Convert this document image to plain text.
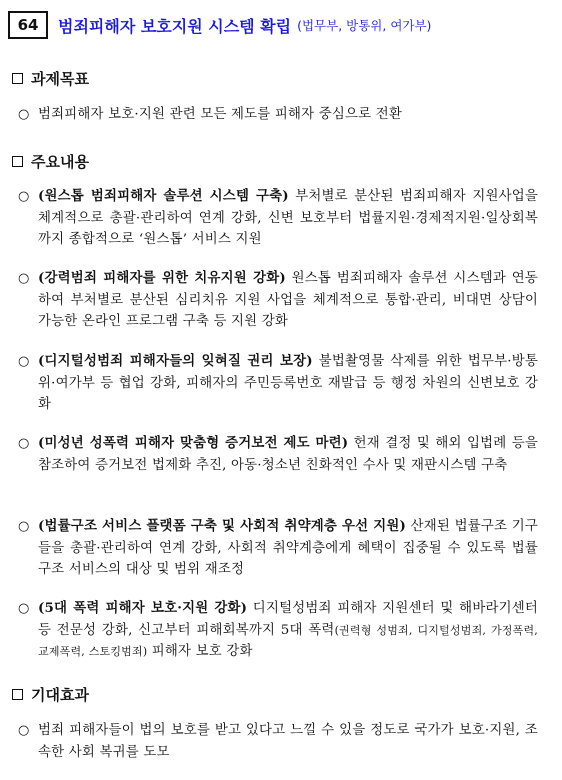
64 범죄피해자 보호지원 시스템 확립 (법무부, 방통위, 여가부)
과제목표
○ 범죄피해자 보호·지원 관련 모든 제도를 피해자 중심으로 전환
주요내용
○ (원스톱 범죄피해자 솔루션 시스템 구축) 부처별로 분산된 범죄피해자 지원사업을 체계적으로 총괄·관리하여 연계 강화, 신변 보호부터 법률지원·경제적지원·일상회복까지 종합적으로 ‘원스톱’ 서비스 지원
○ (강력범죄 피해자를 위한 치유지원 강화) 원스톱 범죄피해자 솔루션 시스템과 연동하여 부처별로 분산된 심리치유 지원 사업을 체계적으로 통합·관리, 비대면 상담이 가능한 온라인 프로그램 구축 등 지원 강화
○ (디지털성범죄 피해자들의 잊혀질 권리 보장) 불법촬영물 삭제를 위한 법무부·방통위·여가부 등 협업 강화, 피해자의 주민등록번호 재발급 등 행정 차원의 신변보호 강화
○ (미성년 성폭력 피해자 맞춤형 증거보전 제도 마련) 헌재 결정 및 해외 입법례 등을 참조하여 증거보전 법제화 추진, 아동·청소년 친화적인 수사 및 재판시스템 구축
○ (법률구조 서비스 플랫폼 구축 및 사회적 취약계층 우선 지원) 산재된 법률구조 기구들을 총괄·관리하여 연계 강화, 사회적 취약계층에게 혜택이 집중될 수 있도록 법률구조 서비스의 대상 및 범위 재조정
○ (5대 폭력 피해자 보호·지원 강화) 디지털성범죄 피해자 지원센터 및 해바라기센터 등 전문성 강화, 신고부터 피해회복까지 5대 폭력(권력형 성범죄, 디지털성범죄, 가정폭력, 교제폭력, 스토킹범죄) 피해자 보호 강화
기대효과
○ 범죄 피해자들이 법의 보호를 받고 있다고 느낄 수 있을 정도로 국가가 보호·지원, 조속한 사회 복귀를 도모
